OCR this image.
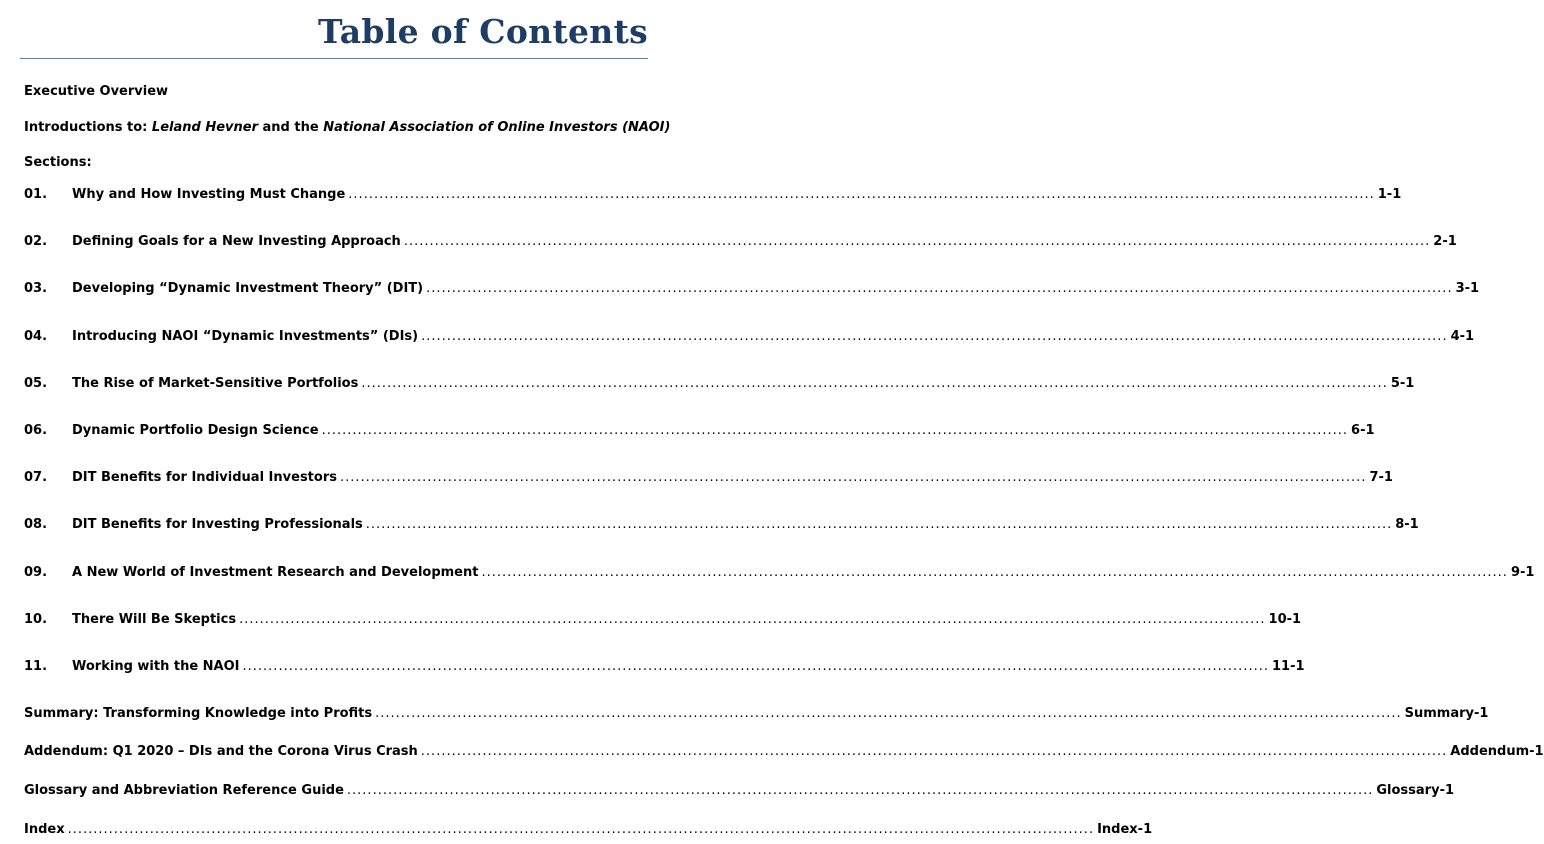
Table of Contents
Executive Overview
Introductions to: Leland Hevner and the National Association of Online Investors (NAOI)
Sections:
01.	Why and How Investing Must Change ........................................................................................................................................................................................................ 1-1
02.	Defining Goals for a New Investing Approach ........................................................................................................................................................................................................ 2-1
03.	Developing “Dynamic Investment Theory” (DIT) ........................................................................................................................................................................................................ 3-1
04.	Introducing NAOI “Dynamic Investments” (DIs) ........................................................................................................................................................................................................ 4-1
05.	The Rise of Market-Sensitive Portfolios ........................................................................................................................................................................................................ 5-1
06.	Dynamic Portfolio Design Science ........................................................................................................................................................................................................ 6-1
07.	DIT Benefits for Individual Investors ........................................................................................................................................................................................................ 7-1
08.	DIT Benefits for Investing Professionals ........................................................................................................................................................................................................ 8-1
09.	A New World of Investment Research and Development ........................................................................................................................................................................................................ 9-1
10.	There Will Be Skeptics ........................................................................................................................................................................................................ 10-1
11.	Working with the NAOI ........................................................................................................................................................................................................ 11-1
Summary: Transforming Knowledge into Profits ........................................................................................................................................................................................................ Summary-1
Addendum: Q1 2020 – DIs and the Corona Virus Crash ........................................................................................................................................................................................................ Addendum-1
Glossary and Abbreviation Reference Guide ........................................................................................................................................................................................................ Glossary-1
Index ........................................................................................................................................................................................................ Index-1
